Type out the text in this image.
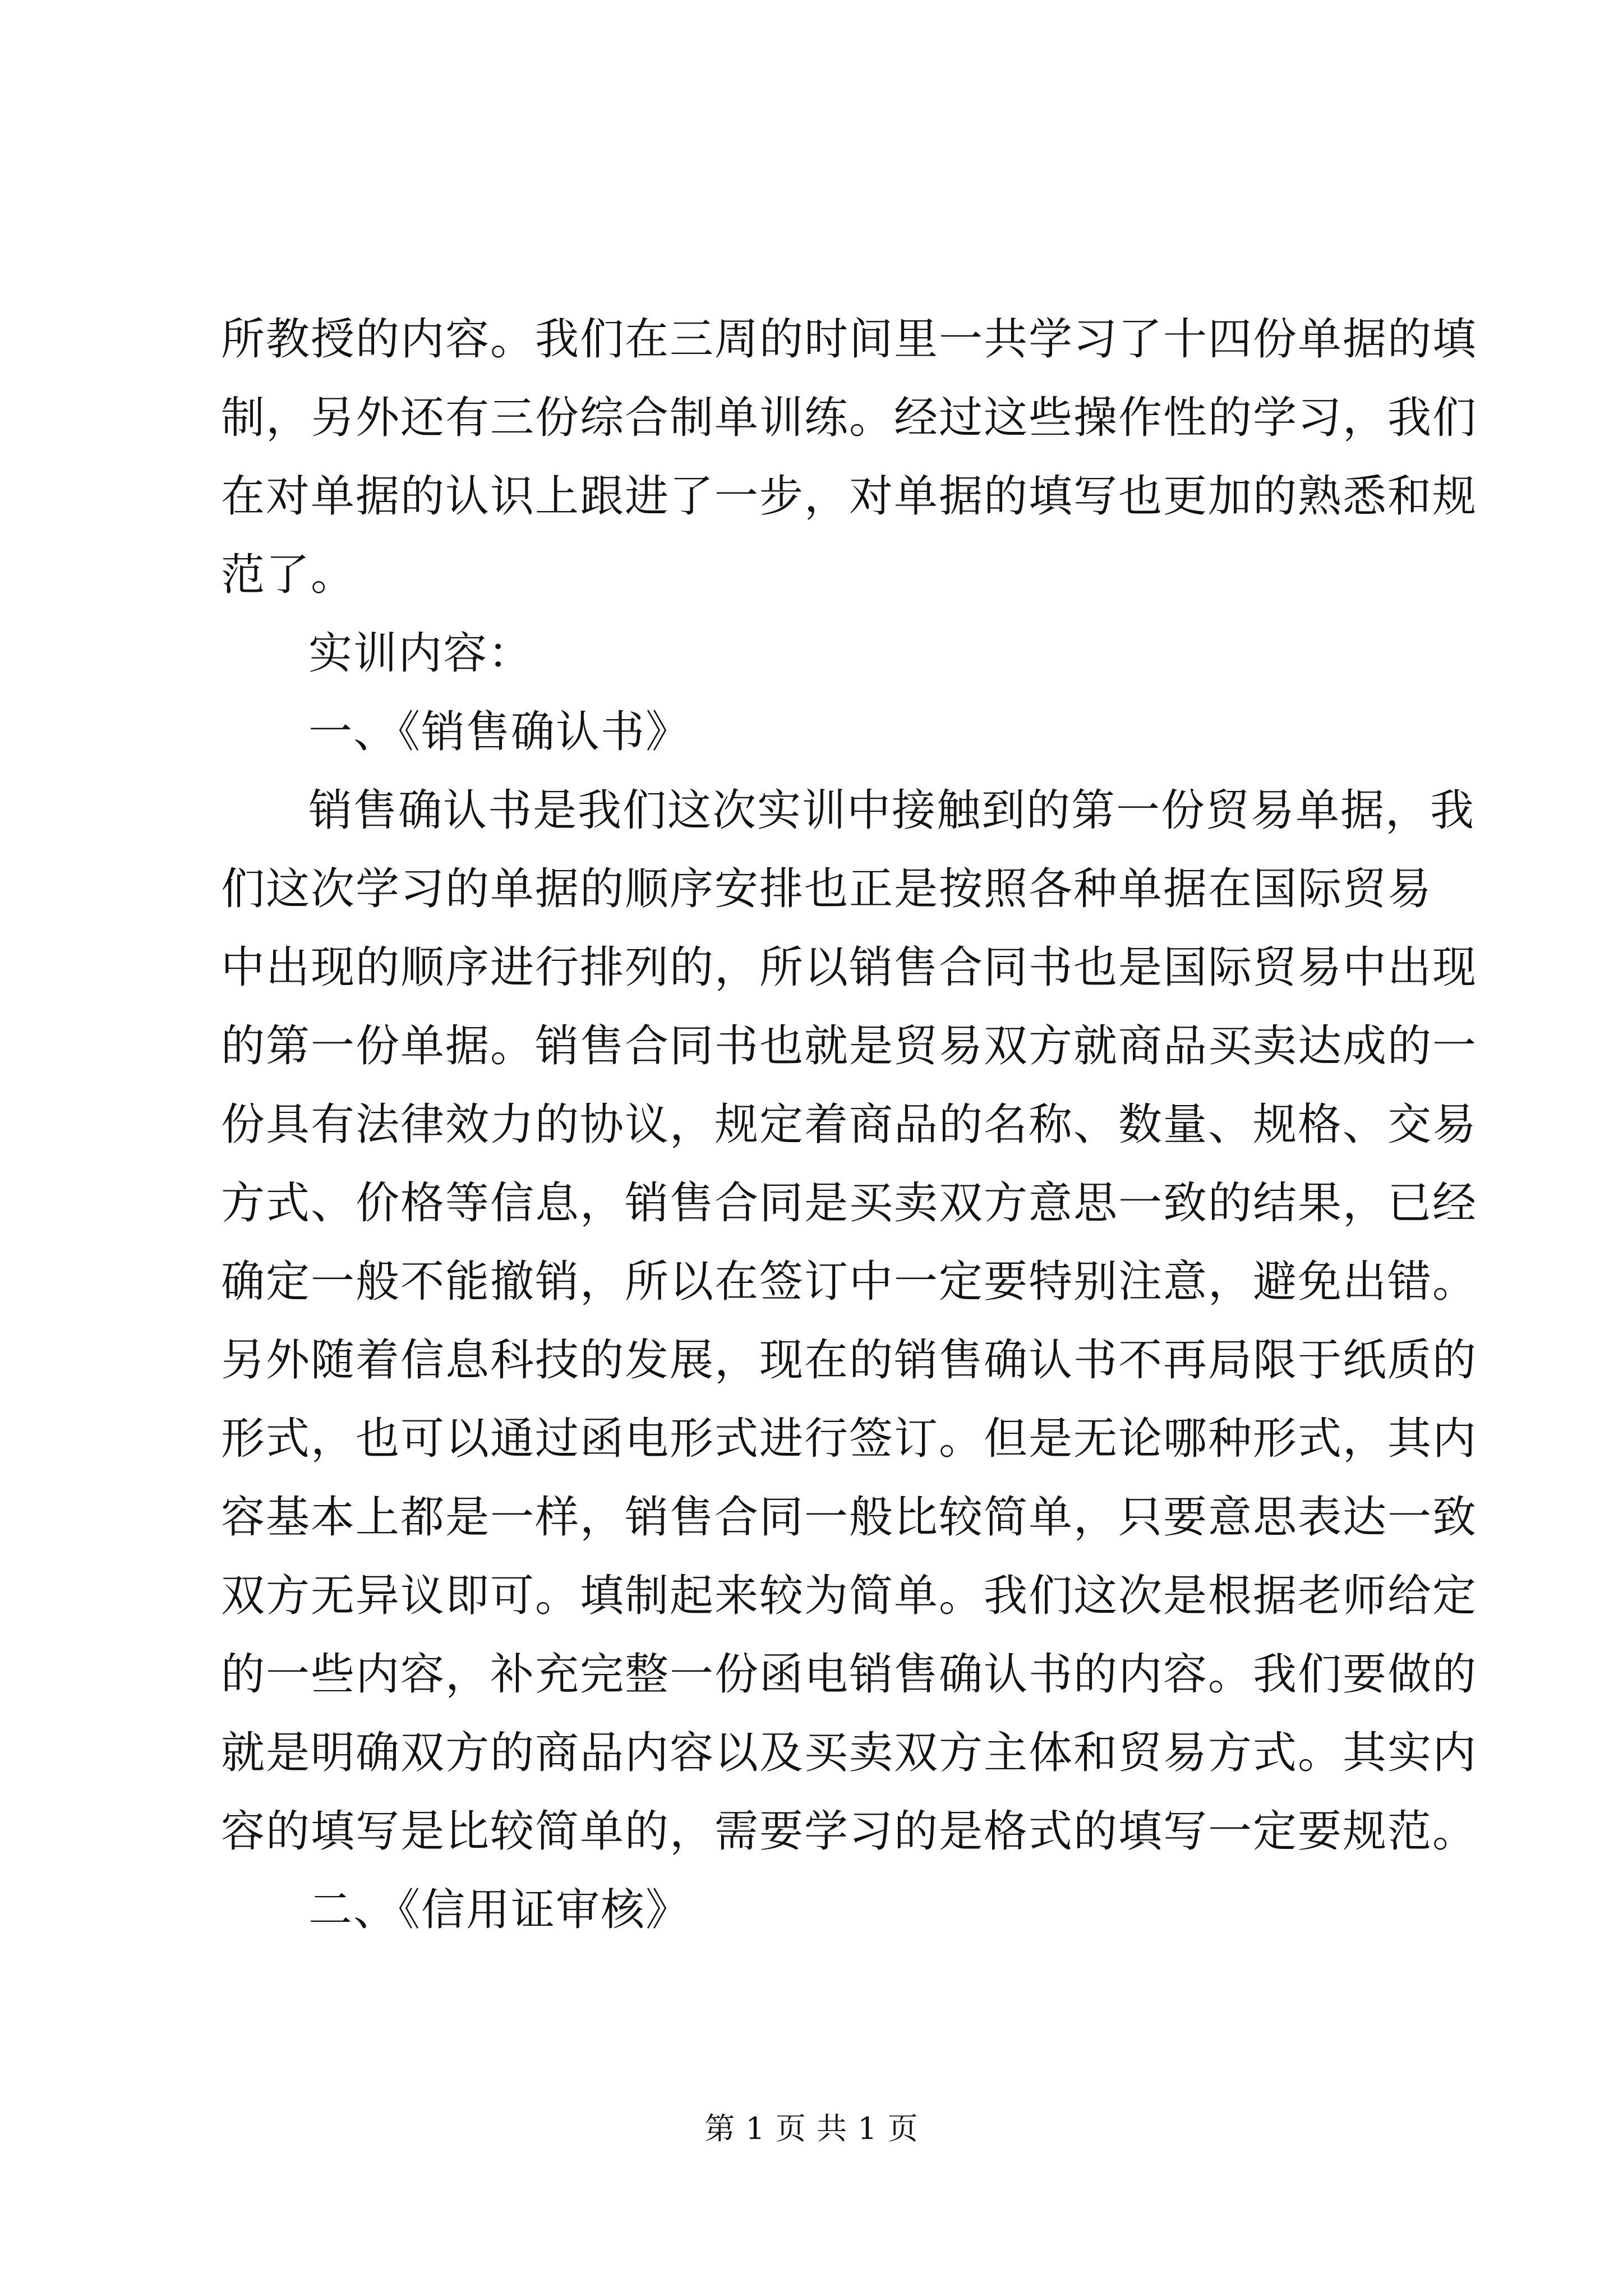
所教授的内容。我们在三周的时间里一共学习了十四份单据的填
制，另外还有三份综合制单训练。经过这些操作性的学习，我们
在对单据的认识上跟进了一步，对单据的填写也更加的熟悉和规
范了。
实训内容：
一、《销售确认书》
销售确认书是我们这次实训中接触到的第一份贸易单据，我
们这次学习的单据的顺序安排也正是按照各种单据在国际贸易
中出现的顺序进行排列的，所以销售合同书也是国际贸易中出现
的第一份单据。销售合同书也就是贸易双方就商品买卖达成的一
份具有法律效力的协议，规定着商品的名称、数量、规格、交易
方式、价格等信息，销售合同是买卖双方意思一致的结果，已经
确定一般不能撤销，所以在签订中一定要特别注意，避免出错。
另外随着信息科技的发展，现在的销售确认书不再局限于纸质的
形式，也可以通过函电形式进行签订。但是无论哪种形式，其内
容基本上都是一样，销售合同一般比较简单，只要意思表达一致
双方无异议即可。填制起来较为简单。我们这次是根据老师给定
的一些内容，补充完整一份函电销售确认书的内容。我们要做的
就是明确双方的商品内容以及买卖双方主体和贸易方式。其实内
容的填写是比较简单的，需要学习的是格式的填写一定要规范。
二、《信用证审核》
第 1 页 共 1 页
